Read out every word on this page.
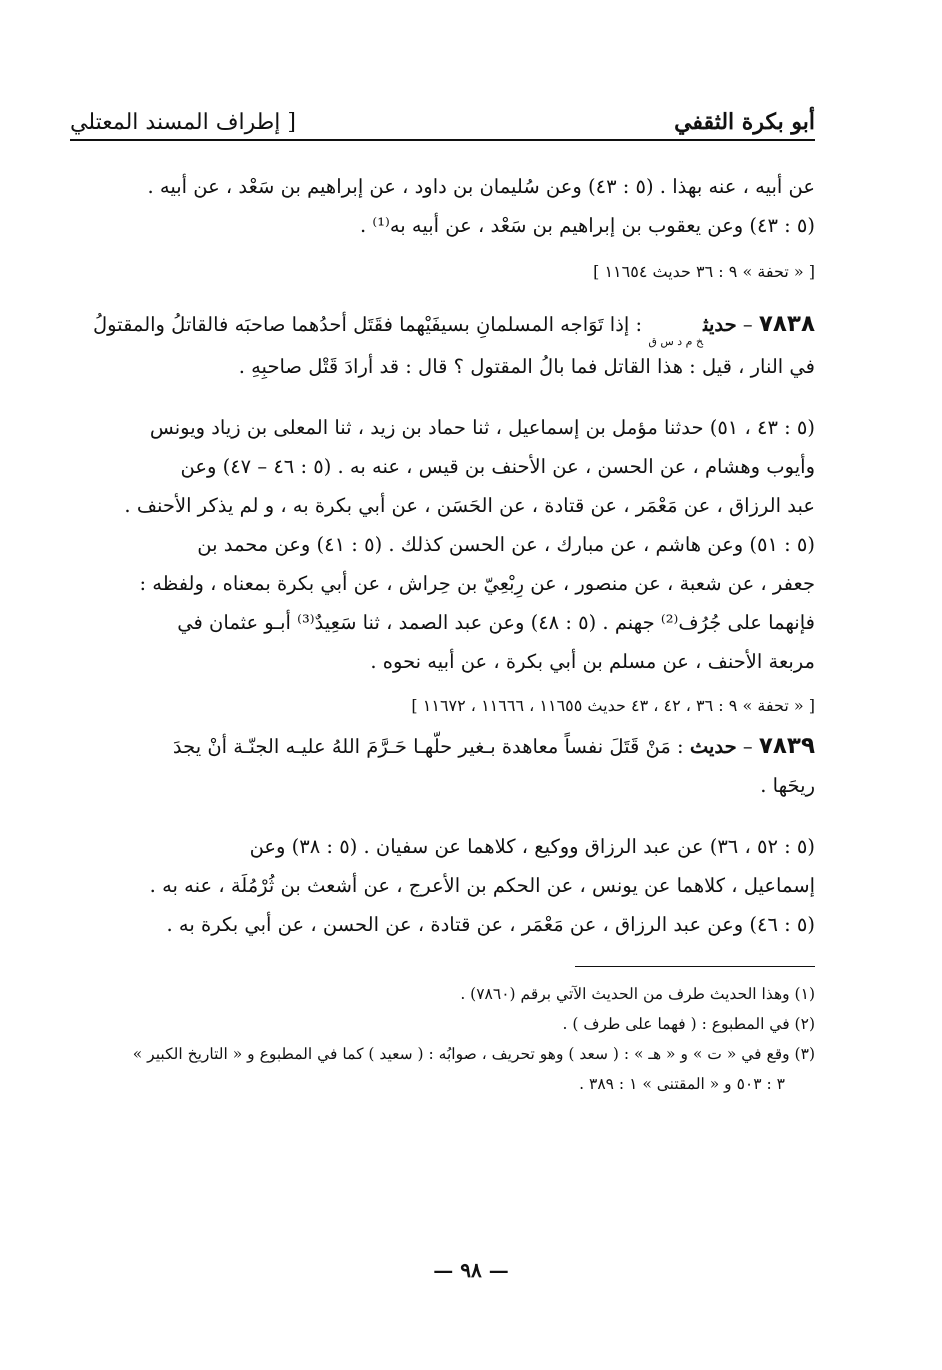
أبو بكرة الثقفي
[ إطراف المسند المعتلي

عن أبيه ، عنه بهذا . (٥ : ٤٣) وعن سُليمان بن داود ، عن إبراهيم بن سَعْد ، عن أبيه .

(٥ : ٤٣) وعن يعقوب بن إبراهيم بن سَعْد ، عن أبيه به⁽¹⁾ .

[ « تحفة » ٩ : ٣٦ حديث ١١٦٥٤ ]

٧٨٣٨ – حديث$_{خ م د س ق}$ : إذا تَوَاجه المسلمانِ بسيفَيْهما فقَتَل أحدُهما صاحبَه فالقاتلُ والمقتولُ

في النار ، قيل : هذا القاتل فما بالُ المقتول ؟ قال : قد أرادَ قَتْل صاحبِهِ .

(٥ : ٤٣ ، ٥١) حدثنا مؤمل بن إسماعيل ، ثنا حماد بن زيد ، ثنا المعلى بن زياد ويونس

وأيوب وهشام ، عن الحسن ، عن الأحنف بن قيس ، عنه به . (٥ : ٤٦ – ٤٧) وعن

عبد الرزاق ، عن مَعْمَر ، عن قتادة ، عن الحَسَن ، عن أبي بكرة به ، و لم يذكر الأحنف .

(٥ : ٥١) وعن هاشم ، عن مبارك ، عن الحسن كذلك . (٥ : ٤١) وعن محمد بن

جعفر ، عن شعبة ، عن منصور ، عن رِبْعِيّ بن حِراش ، عن أبي بكرة بمعناه ، ولفظه :

فإنهما على جُرُف⁽²⁾ جهنم . (٥ : ٤٨) وعن عبد الصمد ، ثنا سَعِيدٌ⁽³⁾ أبـو عثمان في

مربعة الأحنف ، عن مسلم بن أبي بكرة ، عن أبيه نحوه .

[ « تحفة » ٩ : ٣٦ ، ٤٢ ، ٤٣ حديث ١١٦٥٥ ، ١١٦٦٦ ، ١١٦٧٢ ]

٧٨٣٩ – حديث : مَنْ قَتَلَ نفساً معاهدة بـغير حلّهـا حَـرَّمَ اللهُ عليـه الجنّـة أنْ يجدَ

ريحَها .

(٥ : ٥٢ ، ٣٦) عن عبد الرزاق ووكيع ، كلاهما عن سفيان . (٥ : ٣٨) وعن

إسماعيل ، كلاهما عن يونس ، عن الحكم بن الأعرج ، عن أشعث بن ثُرْمُلَة ، عنه به .

(٥ : ٤٦) وعن عبد الرزاق ، عن مَعْمَر ، عن قتادة ، عن الحسن ، عن أبي بكرة به .

(١) وهذا الحديث طرف من الحديث الآتي برقم (٧٨٦٠) .

(٢) في المطبوع : ( فهما على طرف ) .

(٣) وقع في « ت » و « هـ » : ( سعد ) وهو تحريف ، صوابُه : ( سعيد ) كما في المطبوع و « التاريخ الكبير »

٣ : ٥٠٣ و « المقتنى » ١ : ٣٨٩ .

— ٩٨ —
